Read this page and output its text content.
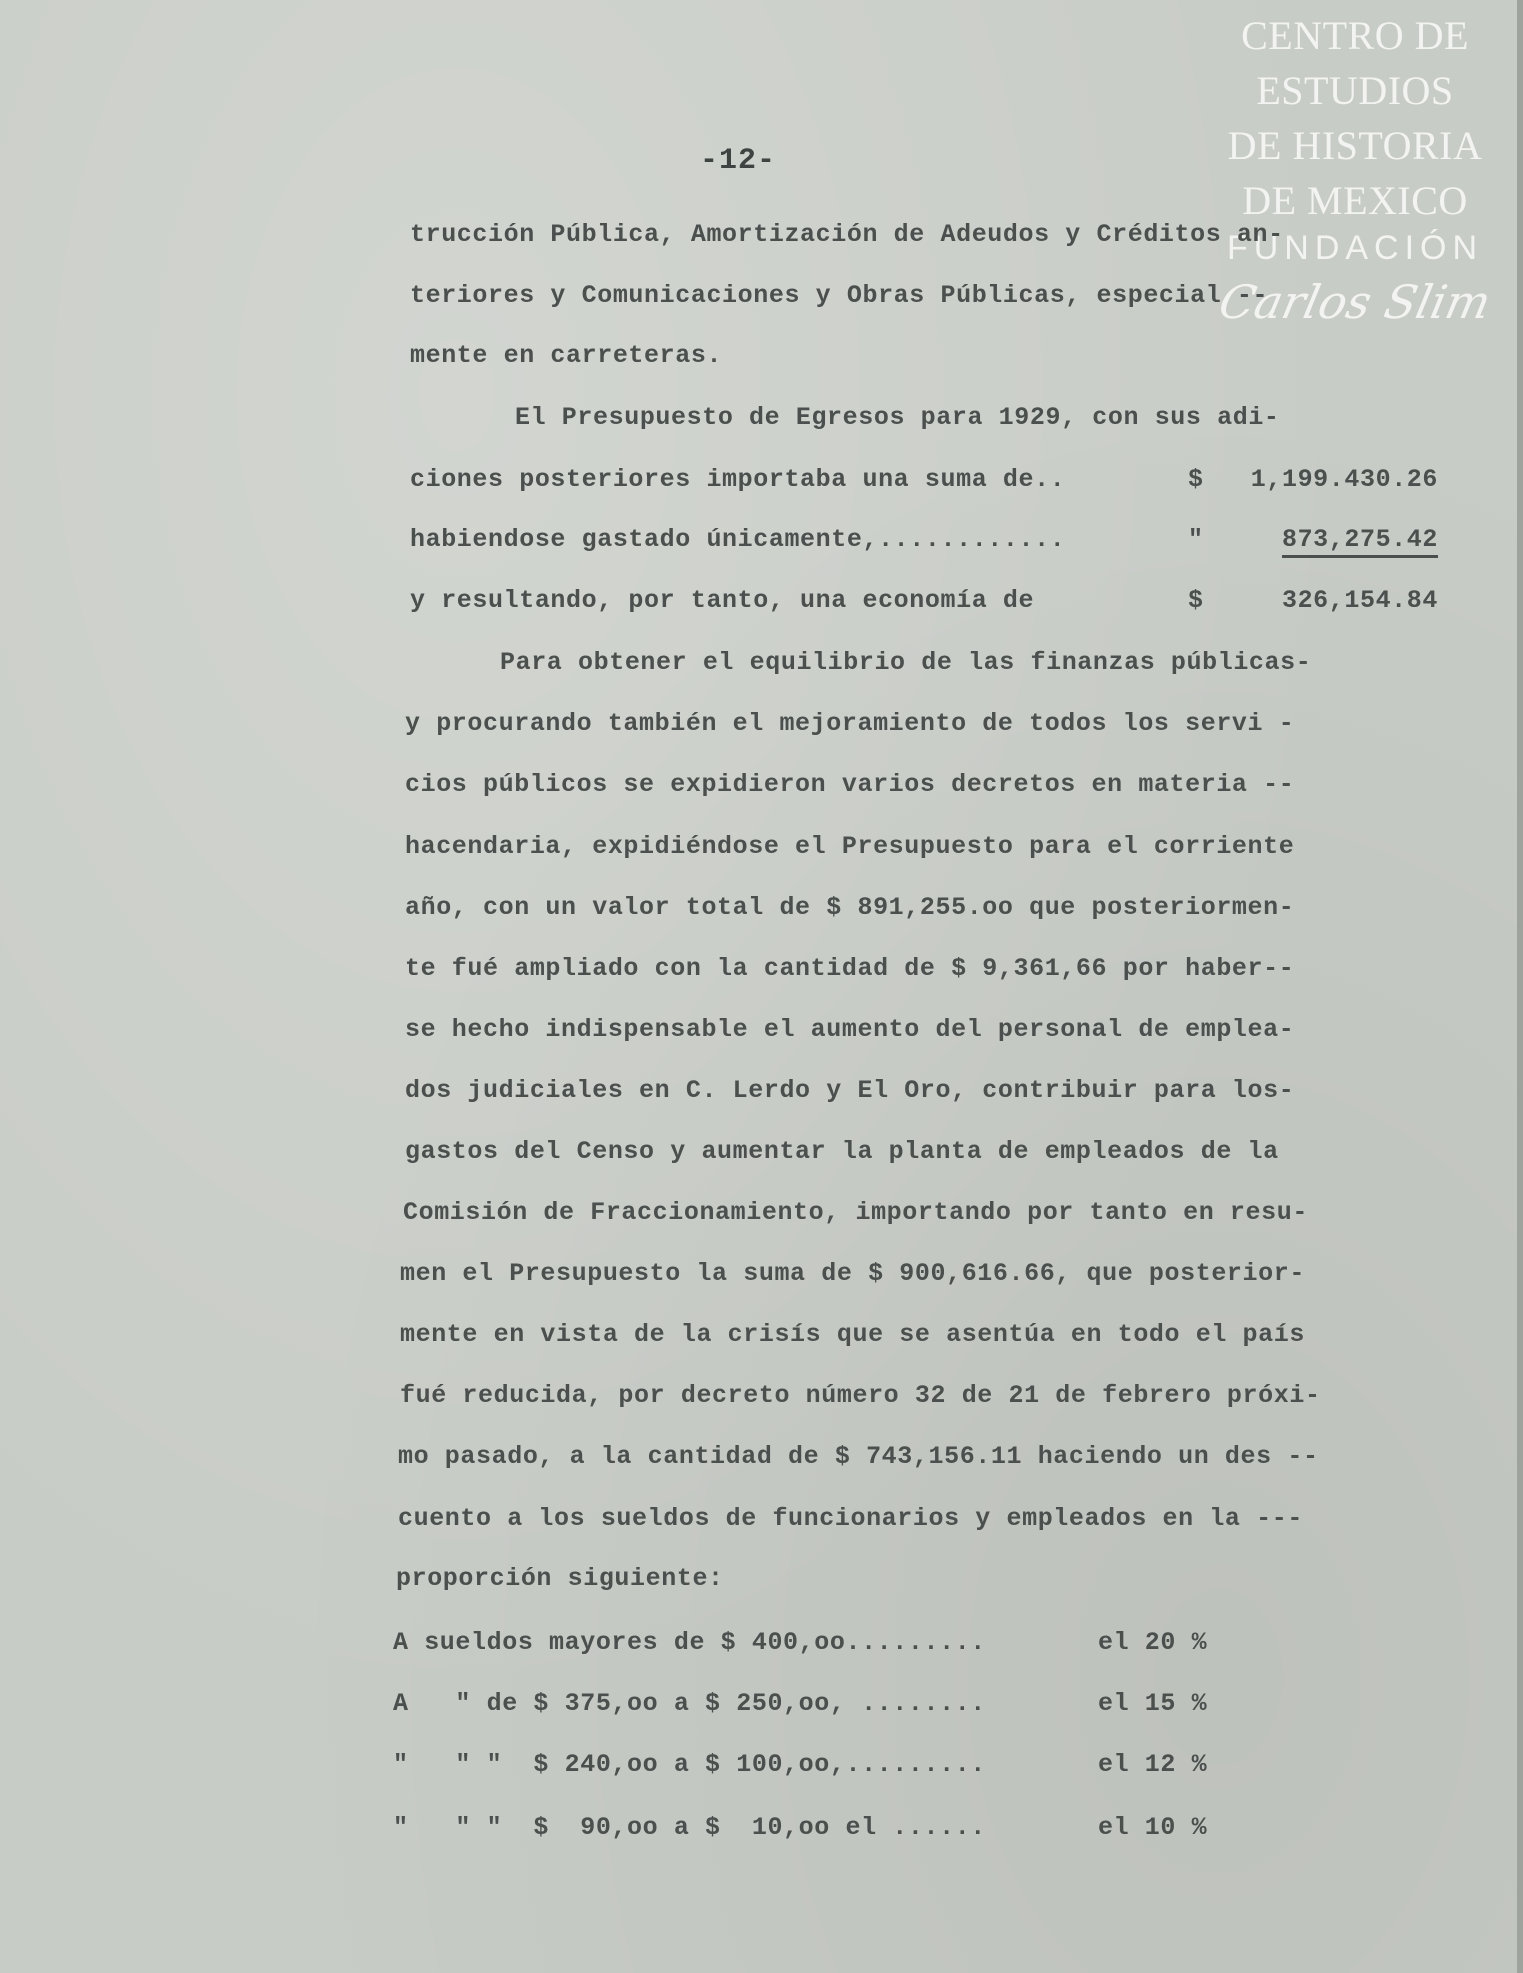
CENTRO DE
ESTUDIOS
DE HISTORIA
DE MEXICO
FUNDACIÓN
Carlos Slim
-12-
trucción Pública, Amortización de Adeudos y Créditos an-
teriores y Comunicaciones y Obras Públicas, especial --
mente en carreteras.
El Presupuesto de Egresos para 1929, con sus adi-
ciones posteriores importaba una suma de..	$	1,199.430.26
habiendose gastado únicamente,............	"	873,275.42
y resultando, por tanto, una economía de	$	326,154.84
Para obtener el equilibrio de las finanzas públicas-
y procurando también el mejoramiento de todos los servi -
cios públicos se expidieron varios decretos en materia --
hacendaria, expidiéndose el Presupuesto para el corriente
año, con un valor total de $ 891,255.oo que posteriormen-
te fué ampliado con la cantidad de $ 9,361,66 por haber--
se hecho indispensable el aumento del personal de emplea-
dos judiciales en C. Lerdo y El Oro, contribuir para los-
gastos del Censo y aumentar la planta de empleados de la
Comisión de Fraccionamiento, importando por tanto en resu-
men el Presupuesto la suma de $ 900,616.66, que posterior-
mente en vista de la crisís que se asentúa en todo el país
fué reducida, por decreto número 32 de 21 de febrero próxi-
mo pasado, a la cantidad de $ 743,156.11 haciendo un des --
cuento a los sueldos de funcionarios y empleados en la ---
proporción siguiente:
A sueldos mayores de $ 400,oo.........	el 20 %
A   " de $ 375,oo a $ 250,oo, ........	el 15 %
"   " "  $ 240,oo a $ 100,oo,.........	el 12 %
"   " "  $  90,oo a $  10,oo el ......	el 10 %
